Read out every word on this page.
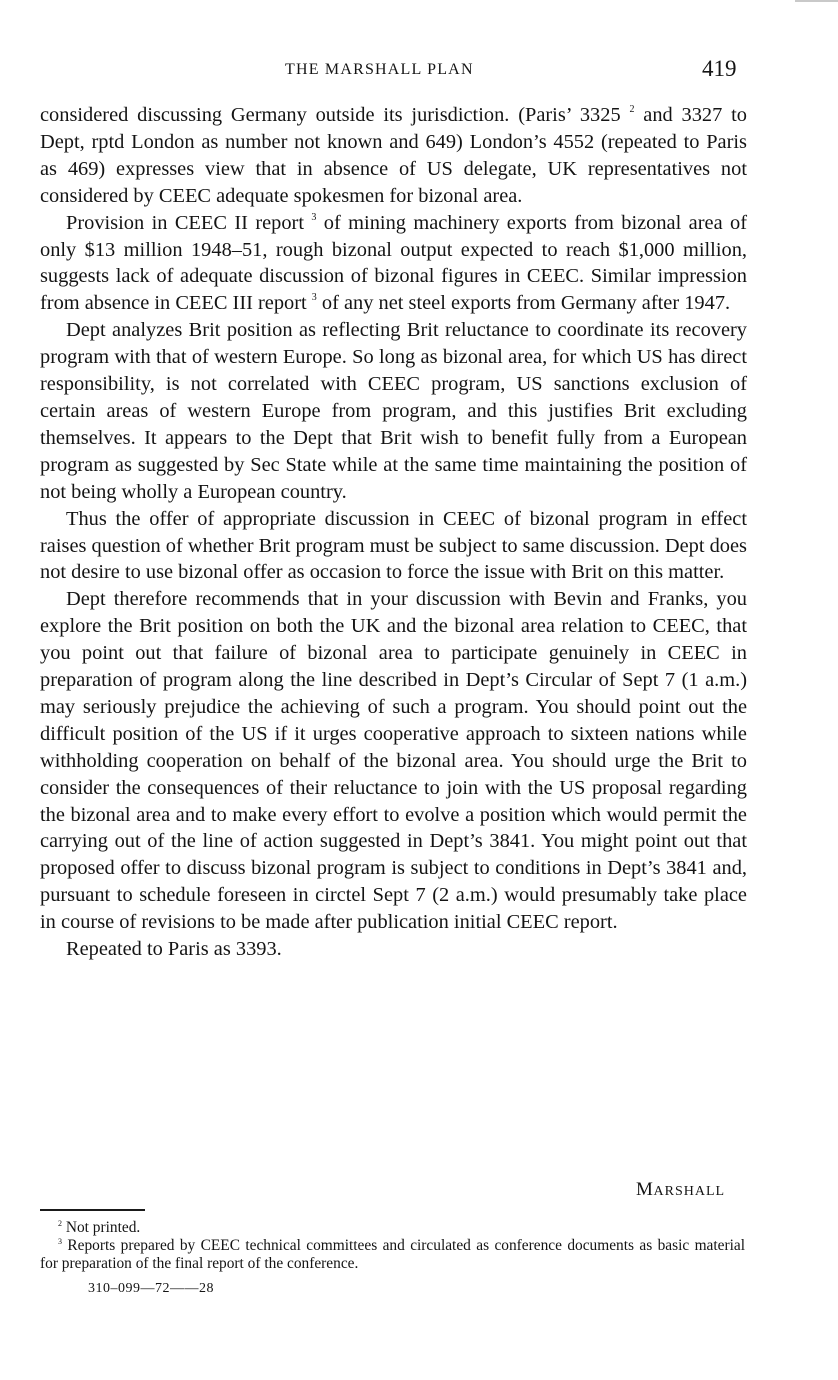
THE MARSHALL PLAN	419

considered discussing Germany outside its jurisdiction. (Paris’ 3325 $^2$ and 3327 to Dept, rptd London as number not known and 649) London’s 4552 (repeated to Paris as 469) expresses view that in absence of US delegate, UK representatives not considered by CEEC adequate spokesmen for bizonal area.

Provision in CEEC II report $^3$ of mining machinery exports from bizonal area of only $13 million 1948–51, rough bizonal output expected to reach $1,000 million, suggests lack of adequate discussion of bizonal figures in CEEC. Similar impression from absence in CEEC III report $^3$ of any net steel exports from Germany after 1947.

Dept analyzes Brit position as reflecting Brit reluctance to coordinate its recovery program with that of western Europe. So long as bizonal area, for which US has direct responsibility, is not correlated with CEEC program, US sanctions exclusion of certain areas of western Europe from program, and this justifies Brit excluding themselves. It appears to the Dept that Brit wish to benefit fully from a European program as suggested by Sec State while at the same time maintaining the position of not being wholly a European country.

Thus the offer of appropriate discussion in CEEC of bizonal program in effect raises question of whether Brit program must be subject to same discussion. Dept does not desire to use bizonal offer as occasion to force the issue with Brit on this matter.

Dept therefore recommends that in your discussion with Bevin and Franks, you explore the Brit position on both the UK and the bizonal area relation to CEEC, that you point out that failure of bizonal area to participate genuinely in CEEC in preparation of program along the line described in Dept’s Circular of Sept 7 (1 a.m.) may seriously prejudice the achieving of such a program. You should point out the difficult position of the US if it urges cooperative approach to sixteen nations while withholding cooperation on behalf of the bizonal area. You should urge the Brit to consider the consequences of their reluctance to join with the US proposal regarding the bizonal area and to make every effort to evolve a position which would permit the carrying out of the line of action suggested in Dept’s 3841. You might point out that proposed offer to discuss bizonal program is subject to conditions in Dept’s 3841 and, pursuant to schedule foreseen in circtel Sept 7 (2 a.m.) would presumably take place in course of revisions to be made after publication initial CEEC report.

Repeated to Paris as 3393.

MARSHALL

$^2$ Not printed.

$^3$ Reports prepared by CEEC technical committees and circulated as conference documents as basic material for preparation of the final report of the conference.

310–099—72——28
